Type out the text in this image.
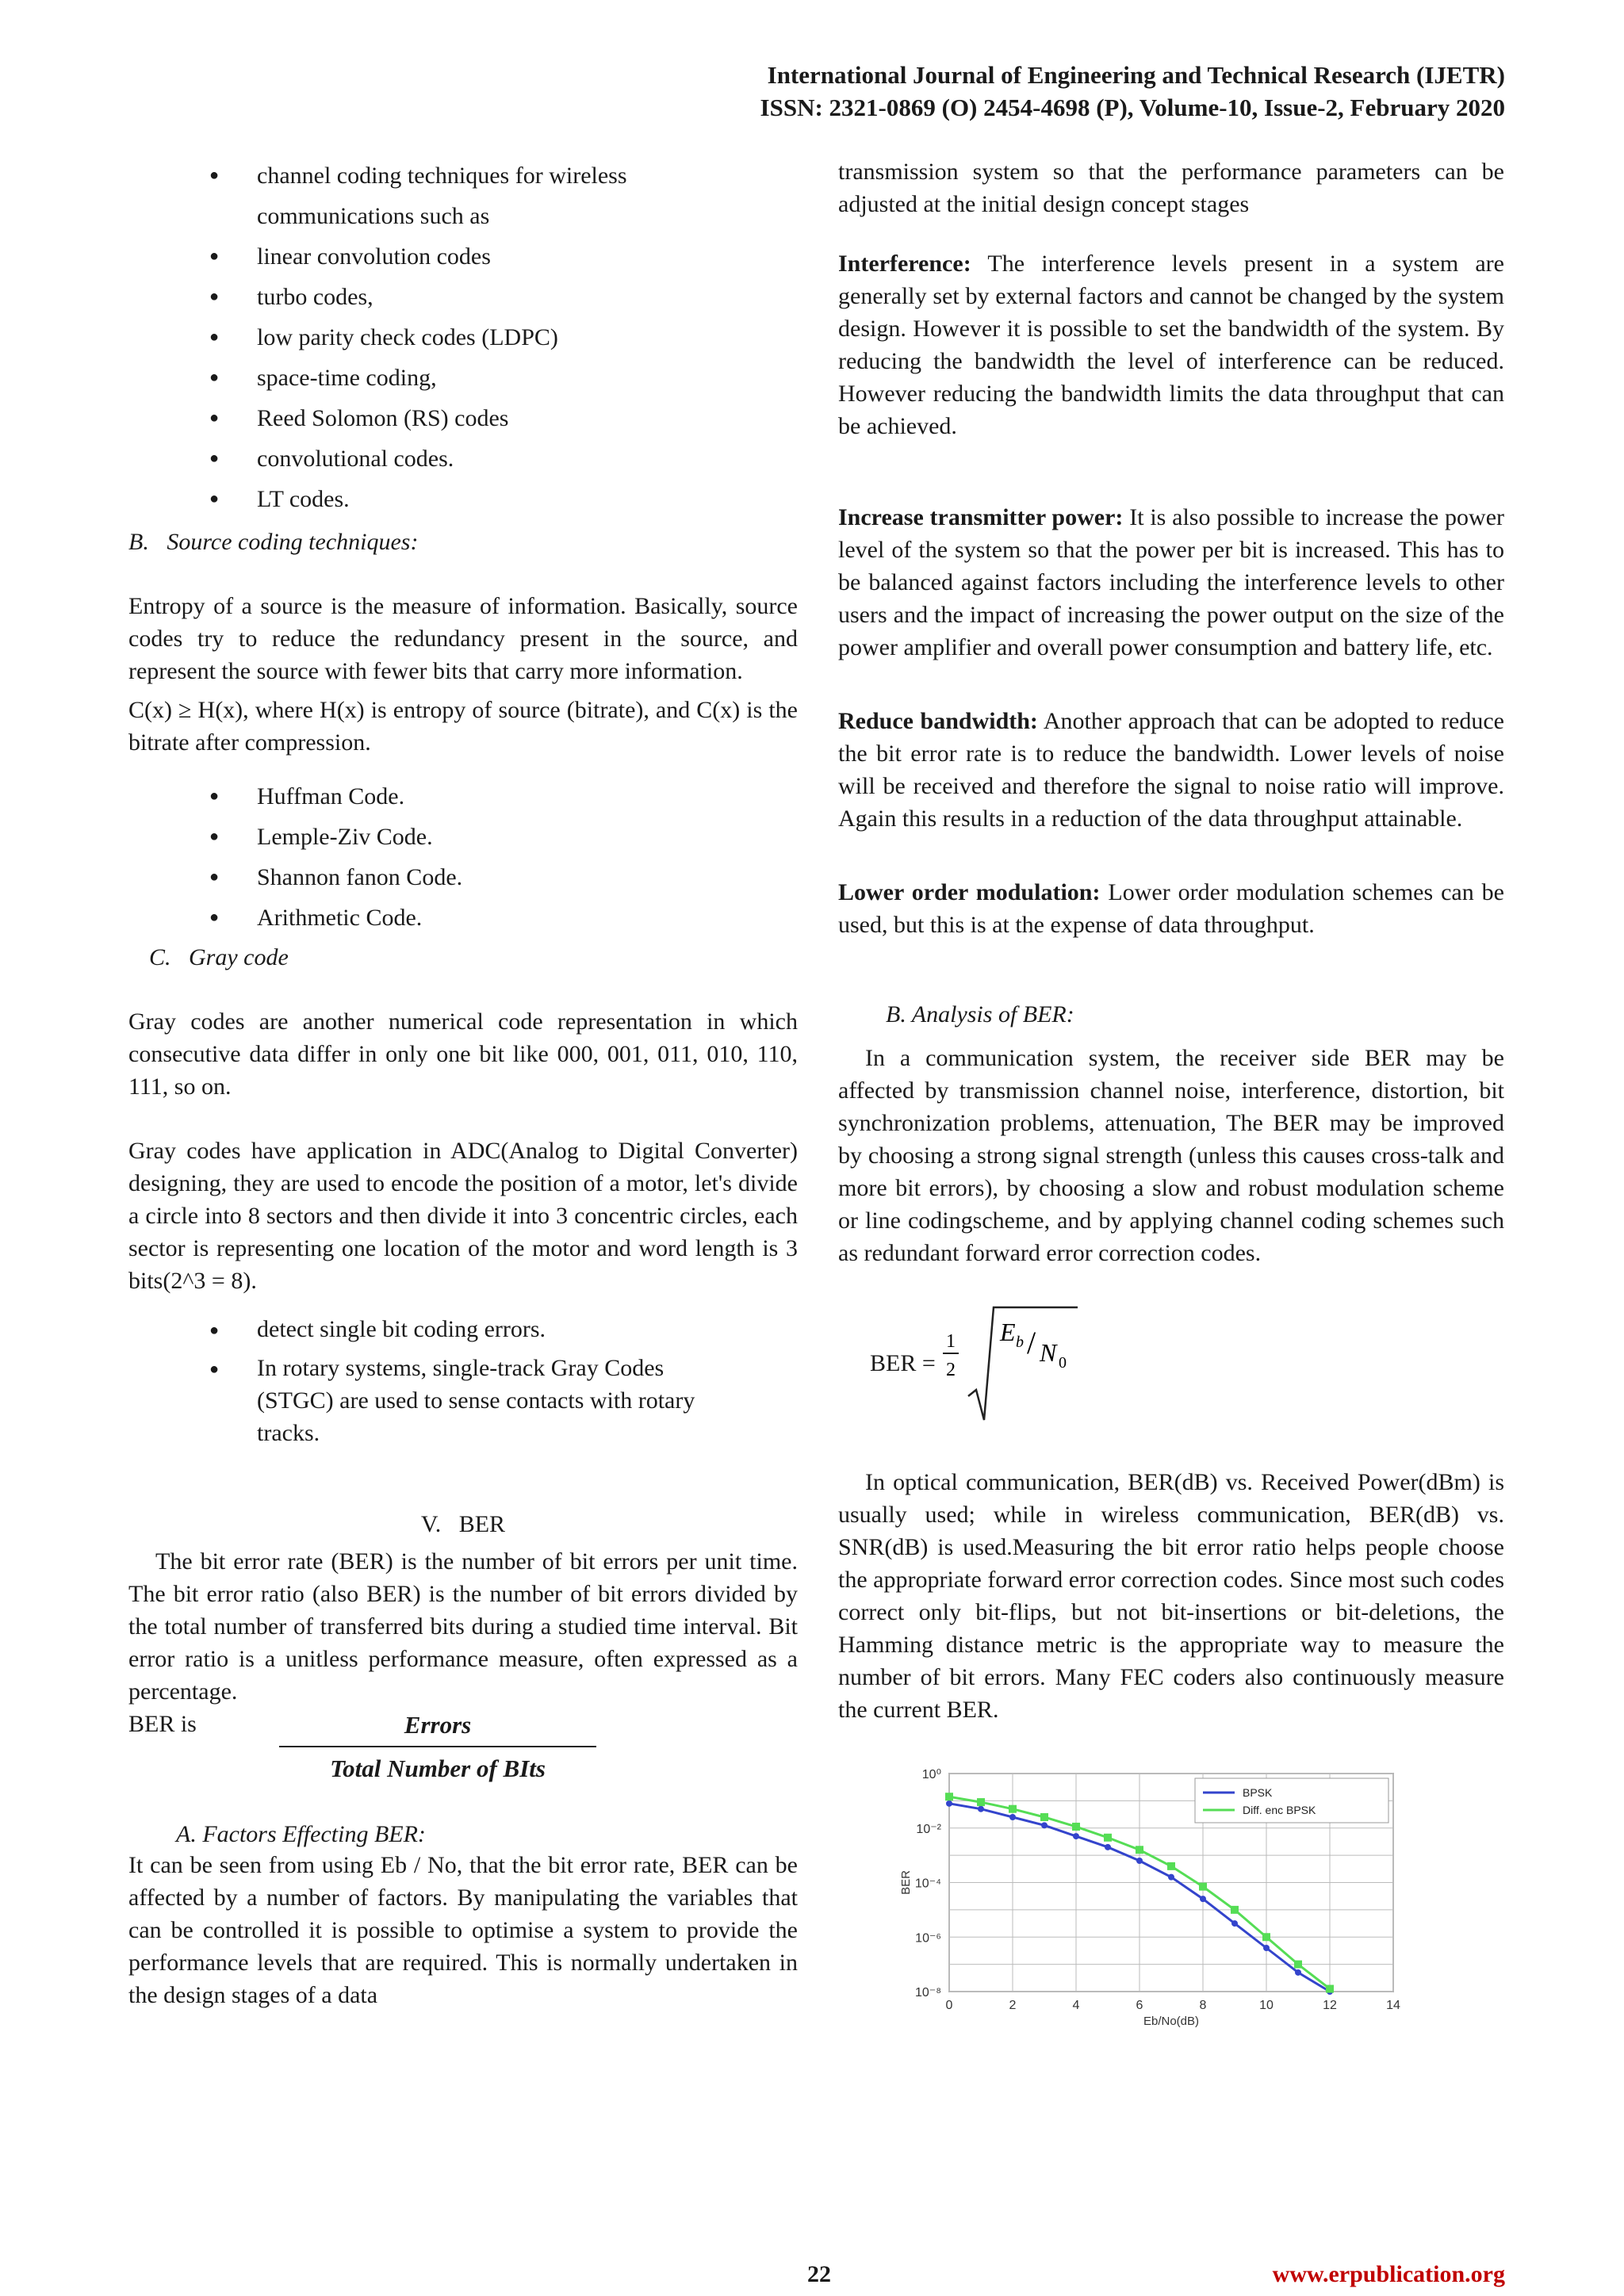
International Journal of Engineering and Technical Research (IJETR)
ISSN: 2321-0869 (O) 2454-4698 (P), Volume-10, Issue-2, February 2020
● channel coding techniques for wireless communications such as
● linear convolution codes
● turbo codes,
● low parity check codes (LDPC)
● space-time coding,
● Reed Solomon (RS) codes
● convolutional codes.
● LT codes.

B.   Source coding techniques:

Entropy of a source is the measure of information. Basically, source codes try to reduce the redundancy present in the source, and represent the source with fewer bits that carry more information.

C(x) ≥ H(x), where H(x) is entropy of source (bitrate), and C(x) is the bitrate after compression.

● Huffman Code.
● Lemple-Ziv Code.
● Shannon fanon Code.
● Arithmetic Code.

C.   Gray code

Gray codes are another numerical code representation in which consecutive data differ in only one bit like 000, 001, 011, 010, 110, 111, so on.

Gray codes have application in ADC(Analog to Digital Converter) designing, they are used to encode the position of a motor, let's divide a circle into 8 sectors and then divide it into 3 concentric circles, each sector is representing one location of the motor and word length is 3 bits(2^3 = 8).

● detect single bit coding errors.
● In rotary systems, single-track Gray Codes (STGC) are used to sense contacts with rotary tracks.

V.   BER

The bit error rate (BER) is the number of bit errors per unit time. The bit error ratio (also BER) is the number of bit errors divided by the total number of transferred bits during a studied time interval. Bit error ratio is a unitless performance measure, often expressed as a percentage.

BER is	$\frac{\text{Errors}}{\text{Total Number of BIts}}$

A. Factors Effecting BER:

It can be seen from using Eb / No, that the bit error rate, BER can be affected by a number of factors. By manipulating the variables that can be controlled it is possible to optimise a system to provide the performance levels that are required. This is normally undertaken in the design stages of a data

transmission system so that the performance parameters can be adjusted at the initial design concept stages

Interference: The interference levels present in a system are generally set by external factors and cannot be changed by the system design. However it is possible to set the bandwidth of the system. By reducing the bandwidth the level of interference can be reduced. However reducing the bandwidth limits the data throughput that can be achieved.

Increase transmitter power: It is also possible to increase the power level of the system so that the power per bit is increased. This has to be balanced against factors including the interference levels to other users and the impact of increasing the power output on the size of the power amplifier and overall power consumption and battery life, etc.

Reduce bandwidth: Another approach that can be adopted to reduce the bit error rate is to reduce the bandwidth. Lower levels of noise will be received and therefore the signal to noise ratio will improve. Again this results in a reduction of the data throughput attainable.

Lower order modulation: Lower order modulation schemes can be used, but this is at the expense of data throughput.

B. Analysis of BER:

In a communication system, the receiver side BER may be affected by transmission channel noise, interference, distortion, bit synchronization problems, attenuation, The BER may be improved by choosing a strong signal strength (unless this causes cross-talk and more bit errors), by choosing a slow and robust modulation scheme or line codingscheme, and by applying channel coding schemes such as redundant forward error correction codes.

BER =
1
2
E b / N 0

In optical communication, BER(dB) vs. Received Power(dBm) is usually used; while in wireless communication, BER(dB) vs. SNR(dB) is used.Measuring the bit error ratio helps people choose the appropriate forward error correction codes. Since most such codes correct only bit-flips, but not bit-insertions or bit-deletions, the Hamming distance metric is the appropriate way to measure the number of bit errors. Many FEC coders also continuously measure the current BER.

0	2	4	6	8	10	12	14
10⁰
10⁻²
10⁻⁴
10⁻⁶
10⁻⁸
Eb/No(dB)
BER
BPSK
Diff. enc BPSK
22	www.erpublication.org
